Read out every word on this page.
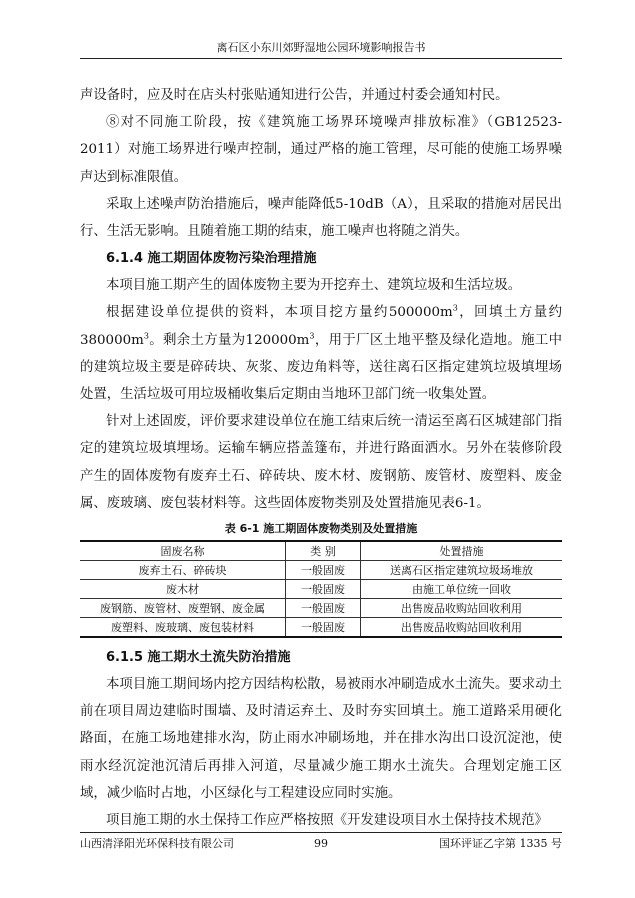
离石区小东川郊野湿地公园环境影响报告书

声设备时，应及时在店头村张贴通知进行公告，并通过村委会通知村民。

⑧对不同施工阶段，按《建筑施工场界环境噪声排放标准》（GB12523-2011）对施工场界进行噪声控制，通过严格的施工管理，尽可能的使施工场界噪声达到标准限值。

采取上述噪声防治措施后，噪声能降低5-10dB（A），且采取的措施对居民出行、生活无影响。且随着施工期的结束，施工噪声也将随之消失。

6.1.4 施工期固体废物污染治理措施

本项目施工期产生的固体废物主要为开挖弃土、建筑垃圾和生活垃圾。

根据建设单位提供的资料，本项目挖方量约$500000m^3$，回填土方量约$380000m^3$。剩余土方量为$120000m^3$，用于厂区土地平整及绿化造地。施工中的建筑垃圾主要是碎砖块、灰浆、废边角料等，送往离石区指定建筑垃圾填埋场处置，生活垃圾可用垃圾桶收集后定期由当地环卫部门统一收集处置。

针对上述固废，评价要求建设单位在施工结束后统一清运至离石区城建部门指定的建筑垃圾填埋场。运输车辆应搭盖篷布，并进行路面洒水。另外在装修阶段产生的固体废物有废弃土石、碎砖块、废木材、废钢筋、废管材、废塑料、废金属、废玻璃、废包装材料等。这些固体废物类别及处置措施见表6-1。

表 6-1 施工期固体废物类别及处置措施
固废名称	类 别	处置措施
废弃土石、碎砖块	一般固废	送离石区指定建筑垃圾场堆放
废木材	一般固废	由施工单位统一回收
废钢筋、废管材、废塑钢、废金属	一般固废	出售废品收购站回收利用
废塑料、废玻璃、废包装材料	一般固废	出售废品收购站回收利用

6.1.5 施工期水土流失防治措施

本项目施工期间场内挖方因结构松散，易被雨水冲刷造成水土流失。要求动土前在项目周边建临时围墙、及时清运弃土、及时夯实回填土。施工道路采用硬化路面，在施工场地建排水沟，防止雨水冲刷场地，并在排水沟出口设沉淀池，使雨水经沉淀池沉清后再排入河道，尽量减少施工期水土流失。合理划定施工区域，减少临时占地，小区绿化与工程建设应同时实施。

项目施工期的水土保持工作应严格按照《开发建设项目水土保持技术规范》

山西清泽阳光环保科技有限公司	99	国环评证乙字第 1335 号
